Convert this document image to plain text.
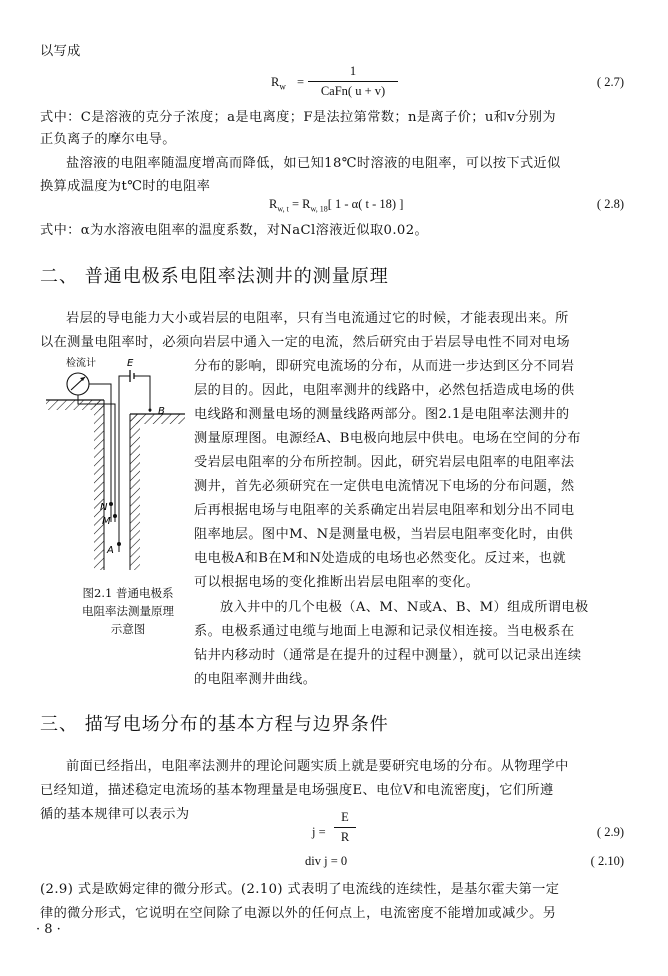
以写成
$R_w$ =
1
CaFn( u + v)
( 2.7)
式中：C是溶液的克分子浓度；a是电离度；F是法拉第常数；n是离子价；u和v分别为
正负离子的摩尔电导。
盐溶液的电阻率随温度增高而降低，如已知18℃时溶液的电阻率，可以按下式近似
换算成温度为t℃时的电阻率
$R_{w, t} = R_{w, 18}$[ 1 - α( t - 18) ]	( 2.8)
式中：α为水溶液电阻率的温度系数，对NaCl溶液近似取0.02。
二、 普通电极系电阻率法测井的测量原理
岩层的导电能力大小或岩层的电阻率，只有当电流通过它的时候，才能表现出来。所
以在测量电阻率时，必须向岩层中通入一定的电流，然后研究由于岩层导电性不同对电场
检流计	E
B
N
M
A
图2.1 普通电极系
电阻率法测量原理
示意图
分布的影响，即研究电流场的分布，从而进一步达到区分不同岩
层的目的。因此，电阻率测井的线路中，必然包括造成电场的供
电线路和测量电场的测量线路两部分。图2.1是电阻率法测井的
测量原理图。电源经A、B电极向地层中供电。电场在空间的分布
受岩层电阻率的分布所控制。因此，研究岩层电阻率的电阻率法
测井，首先必须研究在一定供电电流情况下电场的分布问题，然
后再根据电场与电阻率的关系确定出岩层电阻率和划分出不同电
阻率地层。图中M、N是测量电极，当岩层电阻率变化时，由供
电电极A和B在M和N处造成的电场也必然变化。反过来，也就
可以根据电场的变化推断出岩层电阻率的变化。
放入井中的几个电极（A、M、N或A、B、M）组成所谓电极
系。电极系通过电缆与地面上电源和记录仪相连接。当电极系在
钻井内移动时（通常是在提升的过程中测量），就可以记录出连续
的电阻率测井曲线。
三、 描写电场分布的基本方程与边界条件
前面已经指出，电阻率法测井的理论问题实质上就是要研究电场的分布。从物理学中
已经知道，描述稳定电流场的基本物理量是电场强度E、电位V和电流密度j，它们所遵
循的基本规律可以表示为
j =
E
R	( 2.9)
div j = 0	( 2.10)
(2.9) 式是欧姆定律的微分形式。(2.10) 式表明了电流线的连续性，是基尔霍夫第一定
律的微分形式，它说明在空间除了电源以外的任何点上，电流密度不能增加或减少。另
· 8 ·
